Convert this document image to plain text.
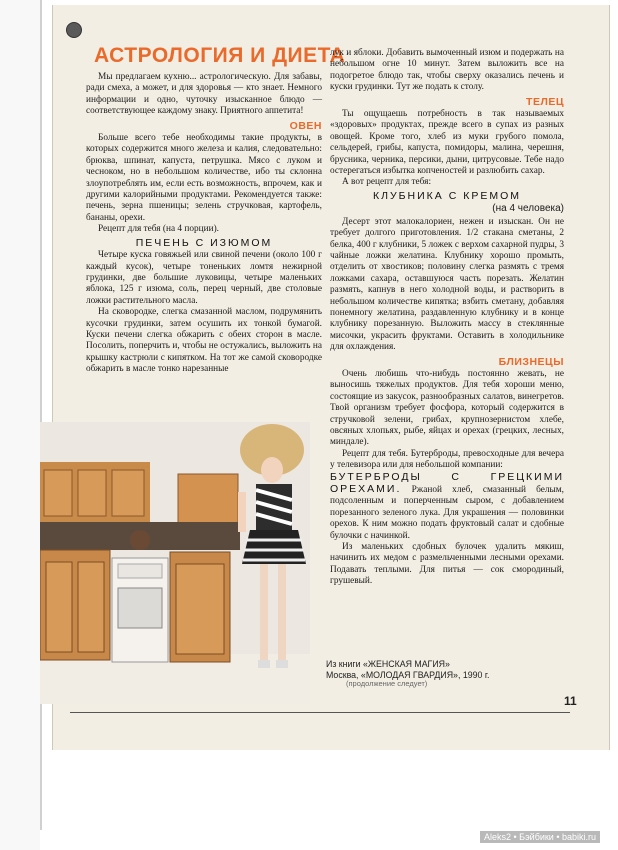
АСТРОЛОГИЯ И ДИЕТА

Мы предлагаем кухню... астрологическую. Для забавы, ради смеха, а может, и для здоровья — кто знает. Немного информации и одно, чуточку изысканное блюдо — соответствующее каждому знаку. Приятного аппетита!

ОВЕН

Больше всего тебе необходимы такие продукты, в которых содержится много железа и калия, следовательно: брюква, шпинат, капуста, петрушка. Мясо с луком и чесноком, но в небольшом количестве, ибо ты склонна злоупотреблять им, если есть возможность, впрочем, как и другими калорийными продуктами. Рекомендуется также: печень, зерна пшеницы; зелень стручковая, картофель, бананы, орехи.

Рецепт для тебя (на 4 порции).

ПЕЧЕНЬ С ИЗЮМОМ

Четыре куска говяжьей или свиной печени (около 100 г каждый кусок), четыре тоненьких ломтя нежирной грудинки, две большие луковицы, четыре маленьких яблока, 125 г изюма, соль, перец черный, две столовые ложки растительного масла.

На сковородке, слегка смазанной маслом, подрумянить кусочки грудинки, затем осушить их тонкой бумагой. Куски печени слегка обжарить с обеих сторон в масле. Посолить, поперчить и, чтобы не остужались, выложить на крышку кастрюли с кипятком. На тот же самой сковородке обжарить в масле тонко нарезанные

лук и яблоки. Добавить вымоченный изюм и подержать на небольшом огне 10 минут. Затем выложить все на подогретое блюдо так, чтобы сверху оказались печень и куски грудинки. Тут же подать к столу.

ТЕЛЕЦ

Ты ощущаешь потребность в так называемых «здоровых» продуктах, прежде всего в супах из разных овощей. Кроме того, хлеб из муки грубого помола, сельдерей, грибы, капуста, помидоры, малина, черешня, брусника, черника, персики, дыни, цитрусовые. Тебе надо остерегаться избытка копченостей и разлюбить сахар.

А вот рецепт для тебя:

КЛУБНИКА С КРЕМОМ
(на 4 человека)

Десерт этот малокалориен, нежен и изыскан. Он не требует долгого приготовления. 1/2 стакана сметаны, 2 белка, 400 г клубники, 5 ложек с верхом сахарной пудры, 3 чайные ложки желатина. Клубнику хорошо промыть, отделить от хвостиков; половину слегка размять с тремя ложками сахара, оставшуюся часть порезать. Желатин размять, капнув в него холодной воды, и растворить в небольшом количестве кипятка; взбить сметану, добавляя понемногу желатина, раздавленную клубнику и в конце клубнику порезанную. Выложить массу в стеклянные мисочки, украсить фруктами. Оставить в холодильнике для охлаждения.

БЛИЗНЕЦЫ

Очень любишь что-нибудь постоянно жевать, не выносишь тяжелых продуктов. Для тебя хороши меню, состоящие из закусок, разнообразных салатов, винегретов. Твой организм требует фосфора, который содержится в стручковой зелени, грибах, крупнозернистом хлебе, овсяных хлопьях, рыбе, яйцах и орехах (грецких, лесных, миндале).

Рецепт для тебя. Бутерброды, превосходные для вечера у телевизора или для небольшой компании:

БУТЕРБРОДЫ С ГРЕЦКИМИ ОРЕХАМИ. Ржаной хлеб, смазанный белым, подсоленным и поперченным сыром, с добавлением порезанного зеленого лука. Для украшения — половинки орехов. К ним можно подать фруктовый салат и сдобные булочки с начинкой.

Из маленьких сдобных булочек удалить мякиш, начинить их медом с размельченными лесными орехами. Подавать теплыми. Для питья — сок смородиный, грушевый.

Из книги «ЖЕНСКАЯ МАГИЯ»
Москва, «МОЛОДАЯ ГВАРДИЯ», 1990 г.
(продолжение следует)
11
Aleks2 • Бэйбики • babiki.ru
